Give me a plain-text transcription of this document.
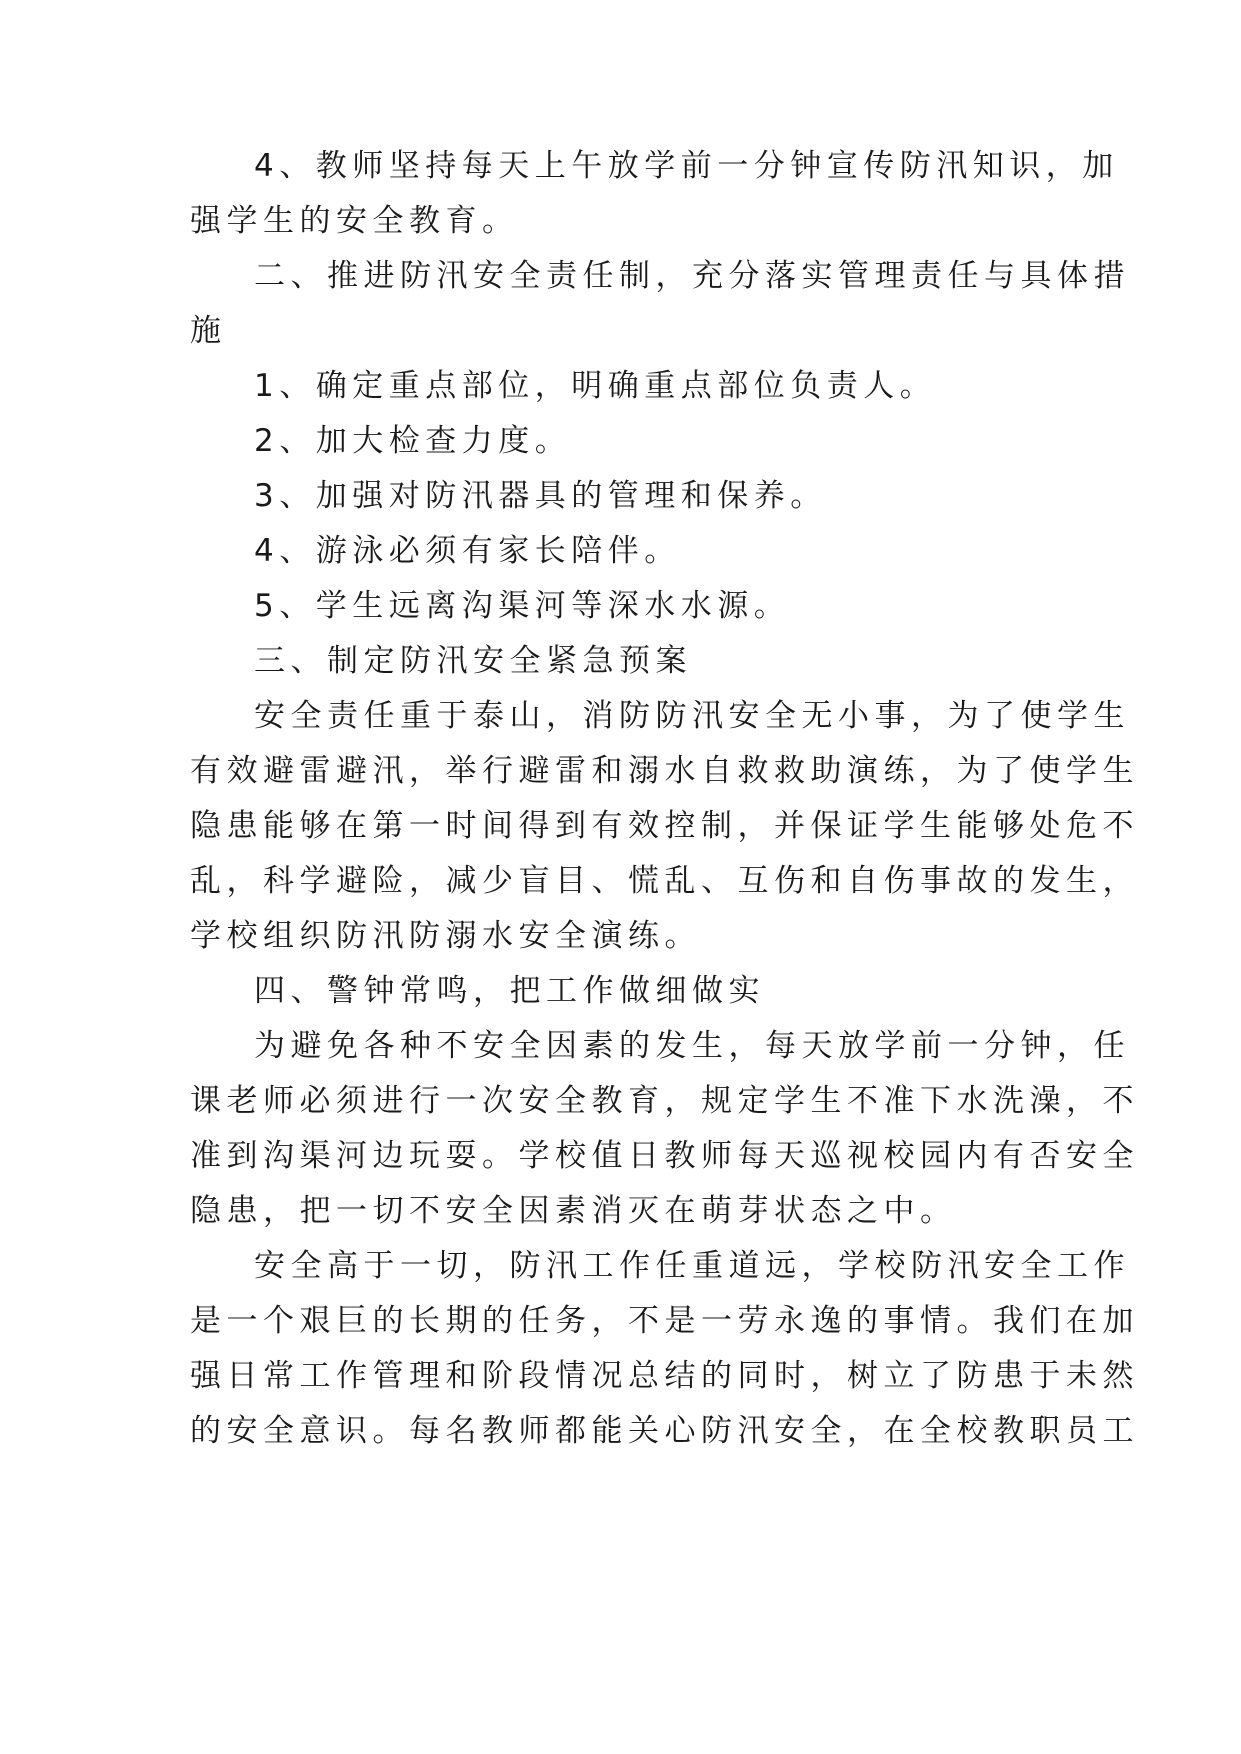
4、教师坚持每天上午放学前一分钟宣传防汛知识，加
强学生的安全教育。
二、推进防汛安全责任制，充分落实管理责任与具体措
施
1、确定重点部位，明确重点部位负责人。
2、加大检查力度。
3、加强对防汛器具的管理和保养。
4、游泳必须有家长陪伴。
5、学生远离沟渠河等深水水源。
三、制定防汛安全紧急预案
安全责任重于泰山，消防防汛安全无小事，为了使学生
有效避雷避汛，举行避雷和溺水自救救助演练，为了使学生
隐患能够在第一时间得到有效控制，并保证学生能够处危不
乱，科学避险，减少盲目、慌乱、互伤和自伤事故的发生，
学校组织防汛防溺水安全演练。
四、警钟常鸣，把工作做细做实
为避免各种不安全因素的发生，每天放学前一分钟，任
课老师必须进行一次安全教育，规定学生不准下水洗澡，不
准到沟渠河边玩耍。学校值日教师每天巡视校园内有否安全
隐患，把一切不安全因素消灭在萌芽状态之中。
安全高于一切，防汛工作任重道远，学校防汛安全工作
是一个艰巨的长期的任务，不是一劳永逸的事情。我们在加
强日常工作管理和阶段情况总结的同时，树立了防患于未然
的安全意识。每名教师都能关心防汛安全，在全校教职员工
